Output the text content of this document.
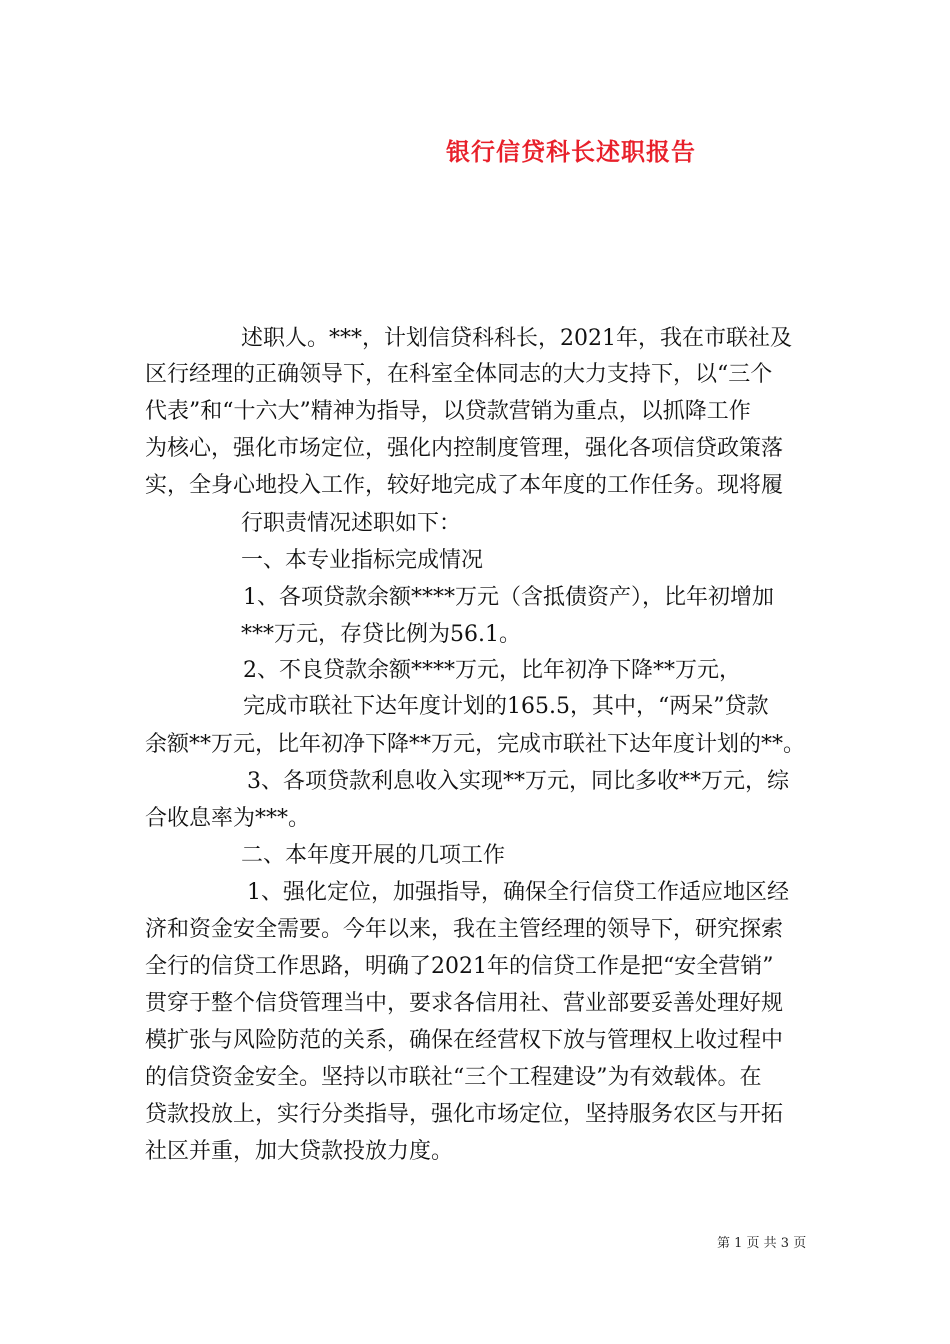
银行信贷科长述职报告
述职人。***，计划信贷科科长，2021年，我在市联社及
区行经理的正确领导下，在科室全体同志的大力支持下，以“三个
代表”和“十六大”精神为指导，以贷款营销为重点，以抓降工作
为核心，强化市场定位，强化内控制度管理，强化各项信贷政策落
实，全身心地投入工作，较好地完成了本年度的工作任务。现将履
行职责情况述职如下：
一、本专业指标完成情况
1、各项贷款余额****万元（含抵债资产），比年初增加
***万元，存贷比例为56.1。
2、不良贷款余额****万元，比年初净下降**万元，
完成市联社下达年度计划的165.5，其中，“两呆”贷款
余额**万元，比年初净下降**万元，完成市联社下达年度计划的**。
3、各项贷款利息收入实现**万元，同比多收**万元，综
合收息率为***。
二、本年度开展的几项工作
1、强化定位，加强指导，确保全行信贷工作适应地区经
济和资金安全需要。今年以来，我在主管经理的领导下，研究探索
全行的信贷工作思路，明确了2021年的信贷工作是把“安全营销”
贯穿于整个信贷管理当中，要求各信用社、营业部要妥善处理好规
模扩张与风险防范的关系，确保在经营权下放与管理权上收过程中
的信贷资金安全。坚持以市联社“三个工程建设”为有效载体。在
贷款投放上，实行分类指导，强化市场定位，坚持服务农区与开拓
社区并重，加大贷款投放力度。
第 1 页 共 3 页
